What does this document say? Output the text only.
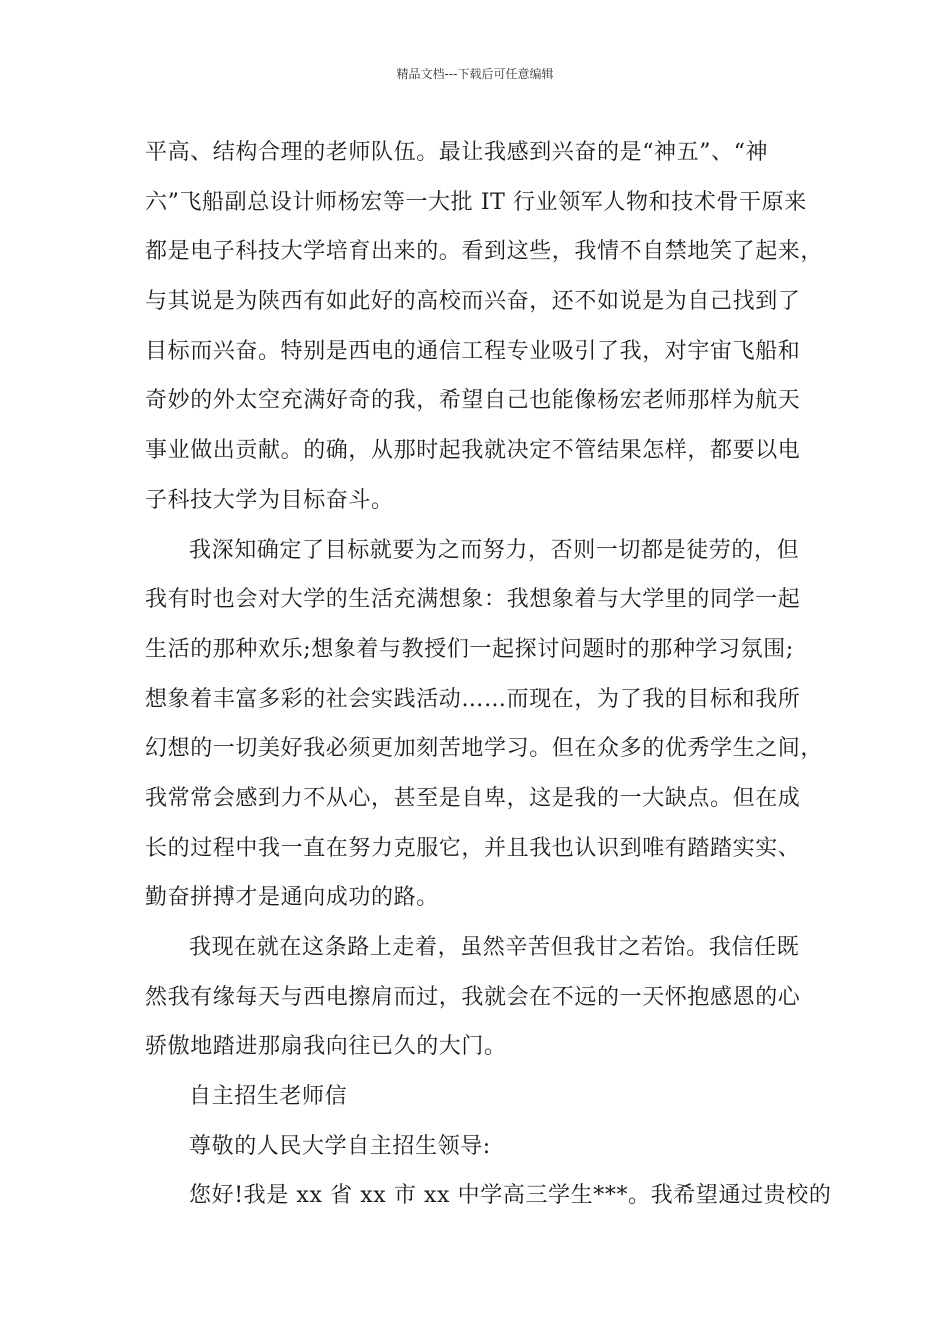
精品文档---下载后可任意编辑
平高、结构合理的老师队伍。最让我感到兴奋的是“神五”、“神
六”飞船副总设计师杨宏等一大批 IT 行业领军人物和技术骨干原来
都是电子科技大学培育出来的。看到这些，我情不自禁地笑了起来，
与其说是为陕西有如此好的高校而兴奋，还不如说是为自己找到了
目标而兴奋。特别是西电的通信工程专业吸引了我，对宇宙飞船和
奇妙的外太空充满好奇的我，希望自己也能像杨宏老师那样为航天
事业做出贡献。的确，从那时起我就决定不管结果怎样，都要以电
子科技大学为目标奋斗。
我深知确定了目标就要为之而努力，否则一切都是徒劳的，但
我有时也会对大学的生活充满想象：我想象着与大学里的同学一起
生活的那种欢乐;想象着与教授们一起探讨问题时的那种学习氛围;
想象着丰富多彩的社会实践活动……而现在，为了我的目标和我所
幻想的一切美好我必须更加刻苦地学习。但在众多的优秀学生之间，
我常常会感到力不从心，甚至是自卑，这是我的一大缺点。但在成
长的过程中我一直在努力克服它，并且我也认识到唯有踏踏实实、
勤奋拼搏才是通向成功的路。
我现在就在这条路上走着，虽然辛苦但我甘之若饴。我信任既
然我有缘每天与西电擦肩而过，我就会在不远的一天怀抱感恩的心
骄傲地踏进那扇我向往已久的大门。
自主招生老师信
尊敬的人民大学自主招生领导:
您好!我是 xx 省 xx 市 xx 中学高三学生***。我希望通过贵校的
